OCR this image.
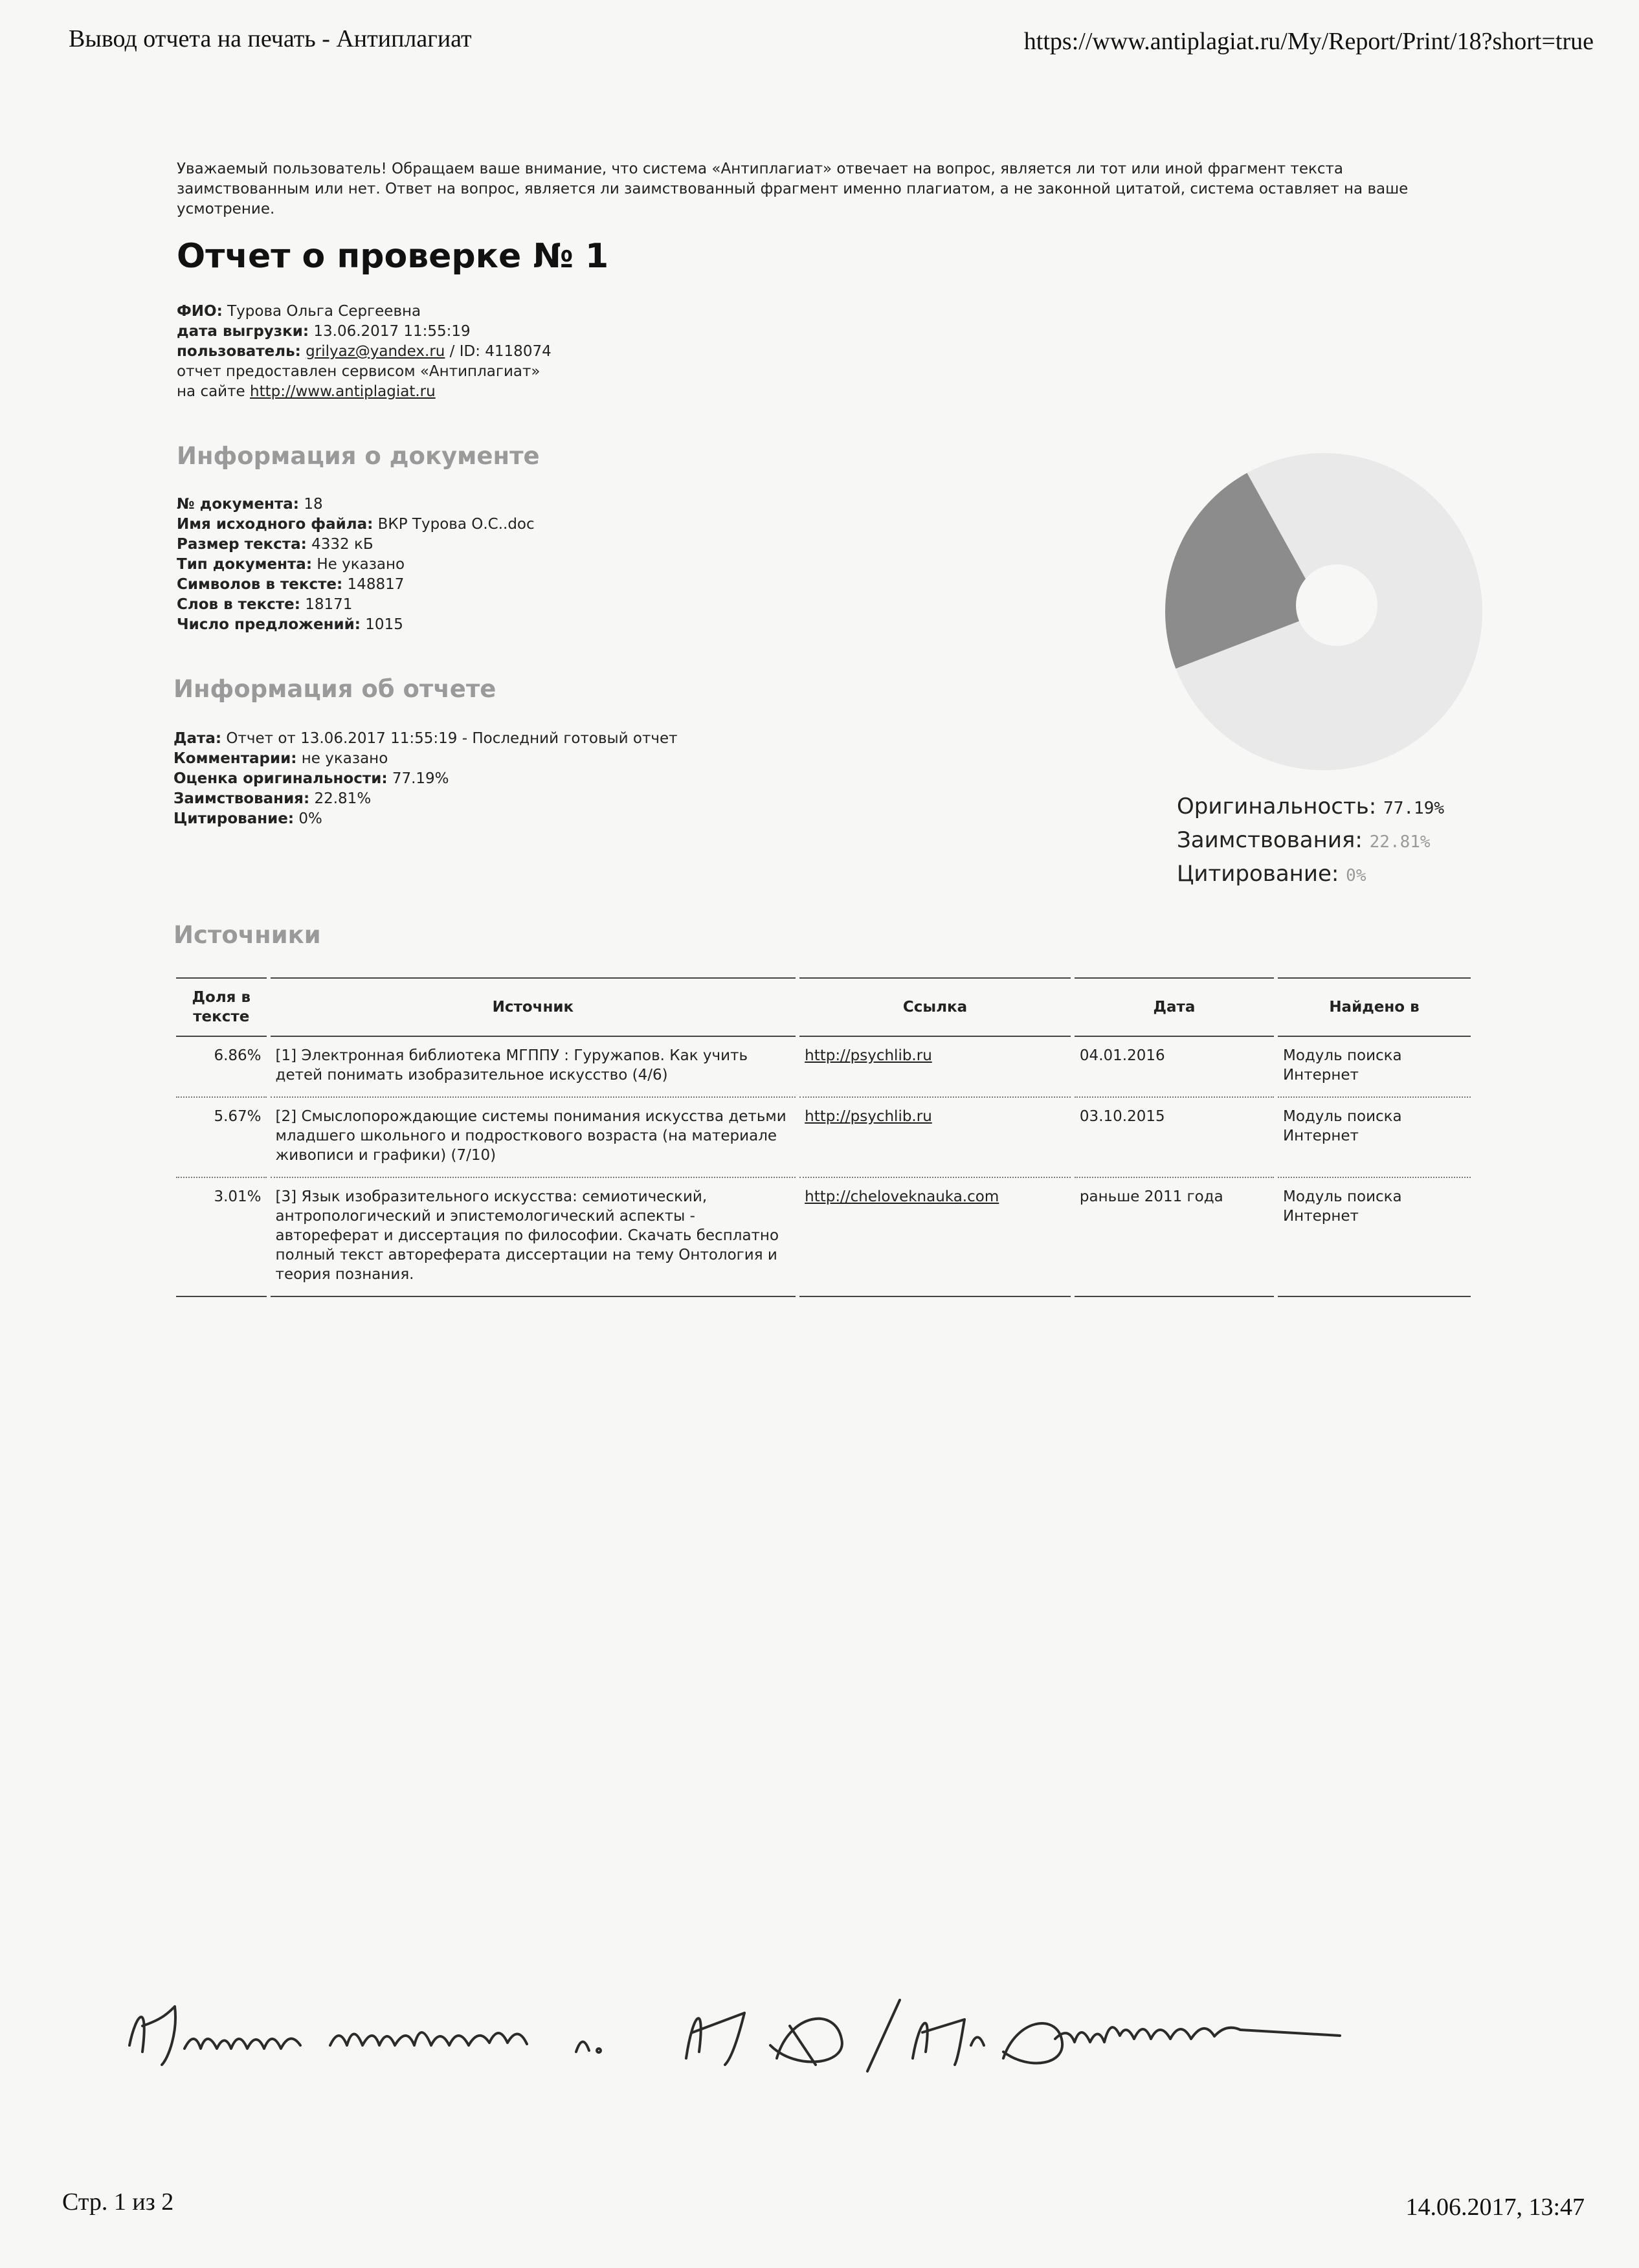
Вывод отчета на печать - Антиплагиат	https://www.antiplagiat.ru/My/Report/Print/18?short=true
Уважаемый пользователь! Обращаем ваше внимание, что система «Антиплагиат» отвечает на вопрос, является ли тот или иной фрагмент текста заимствованным или нет. Ответ на вопрос, является ли заимствованный фрагмент именно плагиатом, а не законной цитатой, система оставляет на ваше усмотрение.
Отчет о проверке № 1
ФИО: Турова Ольга Сергеевна
дата выгрузки: 13.06.2017 11:55:19
пользователь: grilyaz@yandex.ru / ID: 4118074
отчет предоставлен сервисом «Антиплагиат»
на сайте http://www.antiplagiat.ru
Информация о документе
№ документа: 18
Имя исходного файла: ВКР Турова О.С..doc
Размер текста: 4332 кБ
Тип документа: Не указано
Символов в тексте: 148817
Слов в тексте: 18171
Число предложений: 1015
Информация об отчете
Дата: Отчет от 13.06.2017 11:55:19 - Последний готовый отчет
Комментарии: не указано
Оценка оригинальности: 77.19%
Заимствования: 22.81%
Цитирование: 0%	Оригинальность: 77.19%
Заимствования: 22.81%
Цитирование: 0%
Источники
Доля в тексте	Источник	Ссылка	Дата	Найдено в
6.86%	[1] Электронная библиотека МГППУ : Гуружапов. Как учить детей понимать изобразительное искусство (4/6)	http://psychlib.ru	04.01.2016	Модуль поиска Интернет
5.67%	[2] Смыслопорождающие системы понимания искусства детьми младшего школьного и подросткового возраста (на материале живописи и графики) (7/10)	http://psychlib.ru	03.10.2015	Модуль поиска Интернет
3.01%	[3] Язык изобразительного искусства: семиотический, антропологический и эпистемологический аспекты - автореферат и диссертация по философии. Скачать бесплатно полный текст автореферата диссертации на тему Онтология и теория познания.	http://cheloveknauka.com	раньше 2011 года	Модуль поиска Интернет
Стр. 1 из 2	14.06.2017, 13:47
